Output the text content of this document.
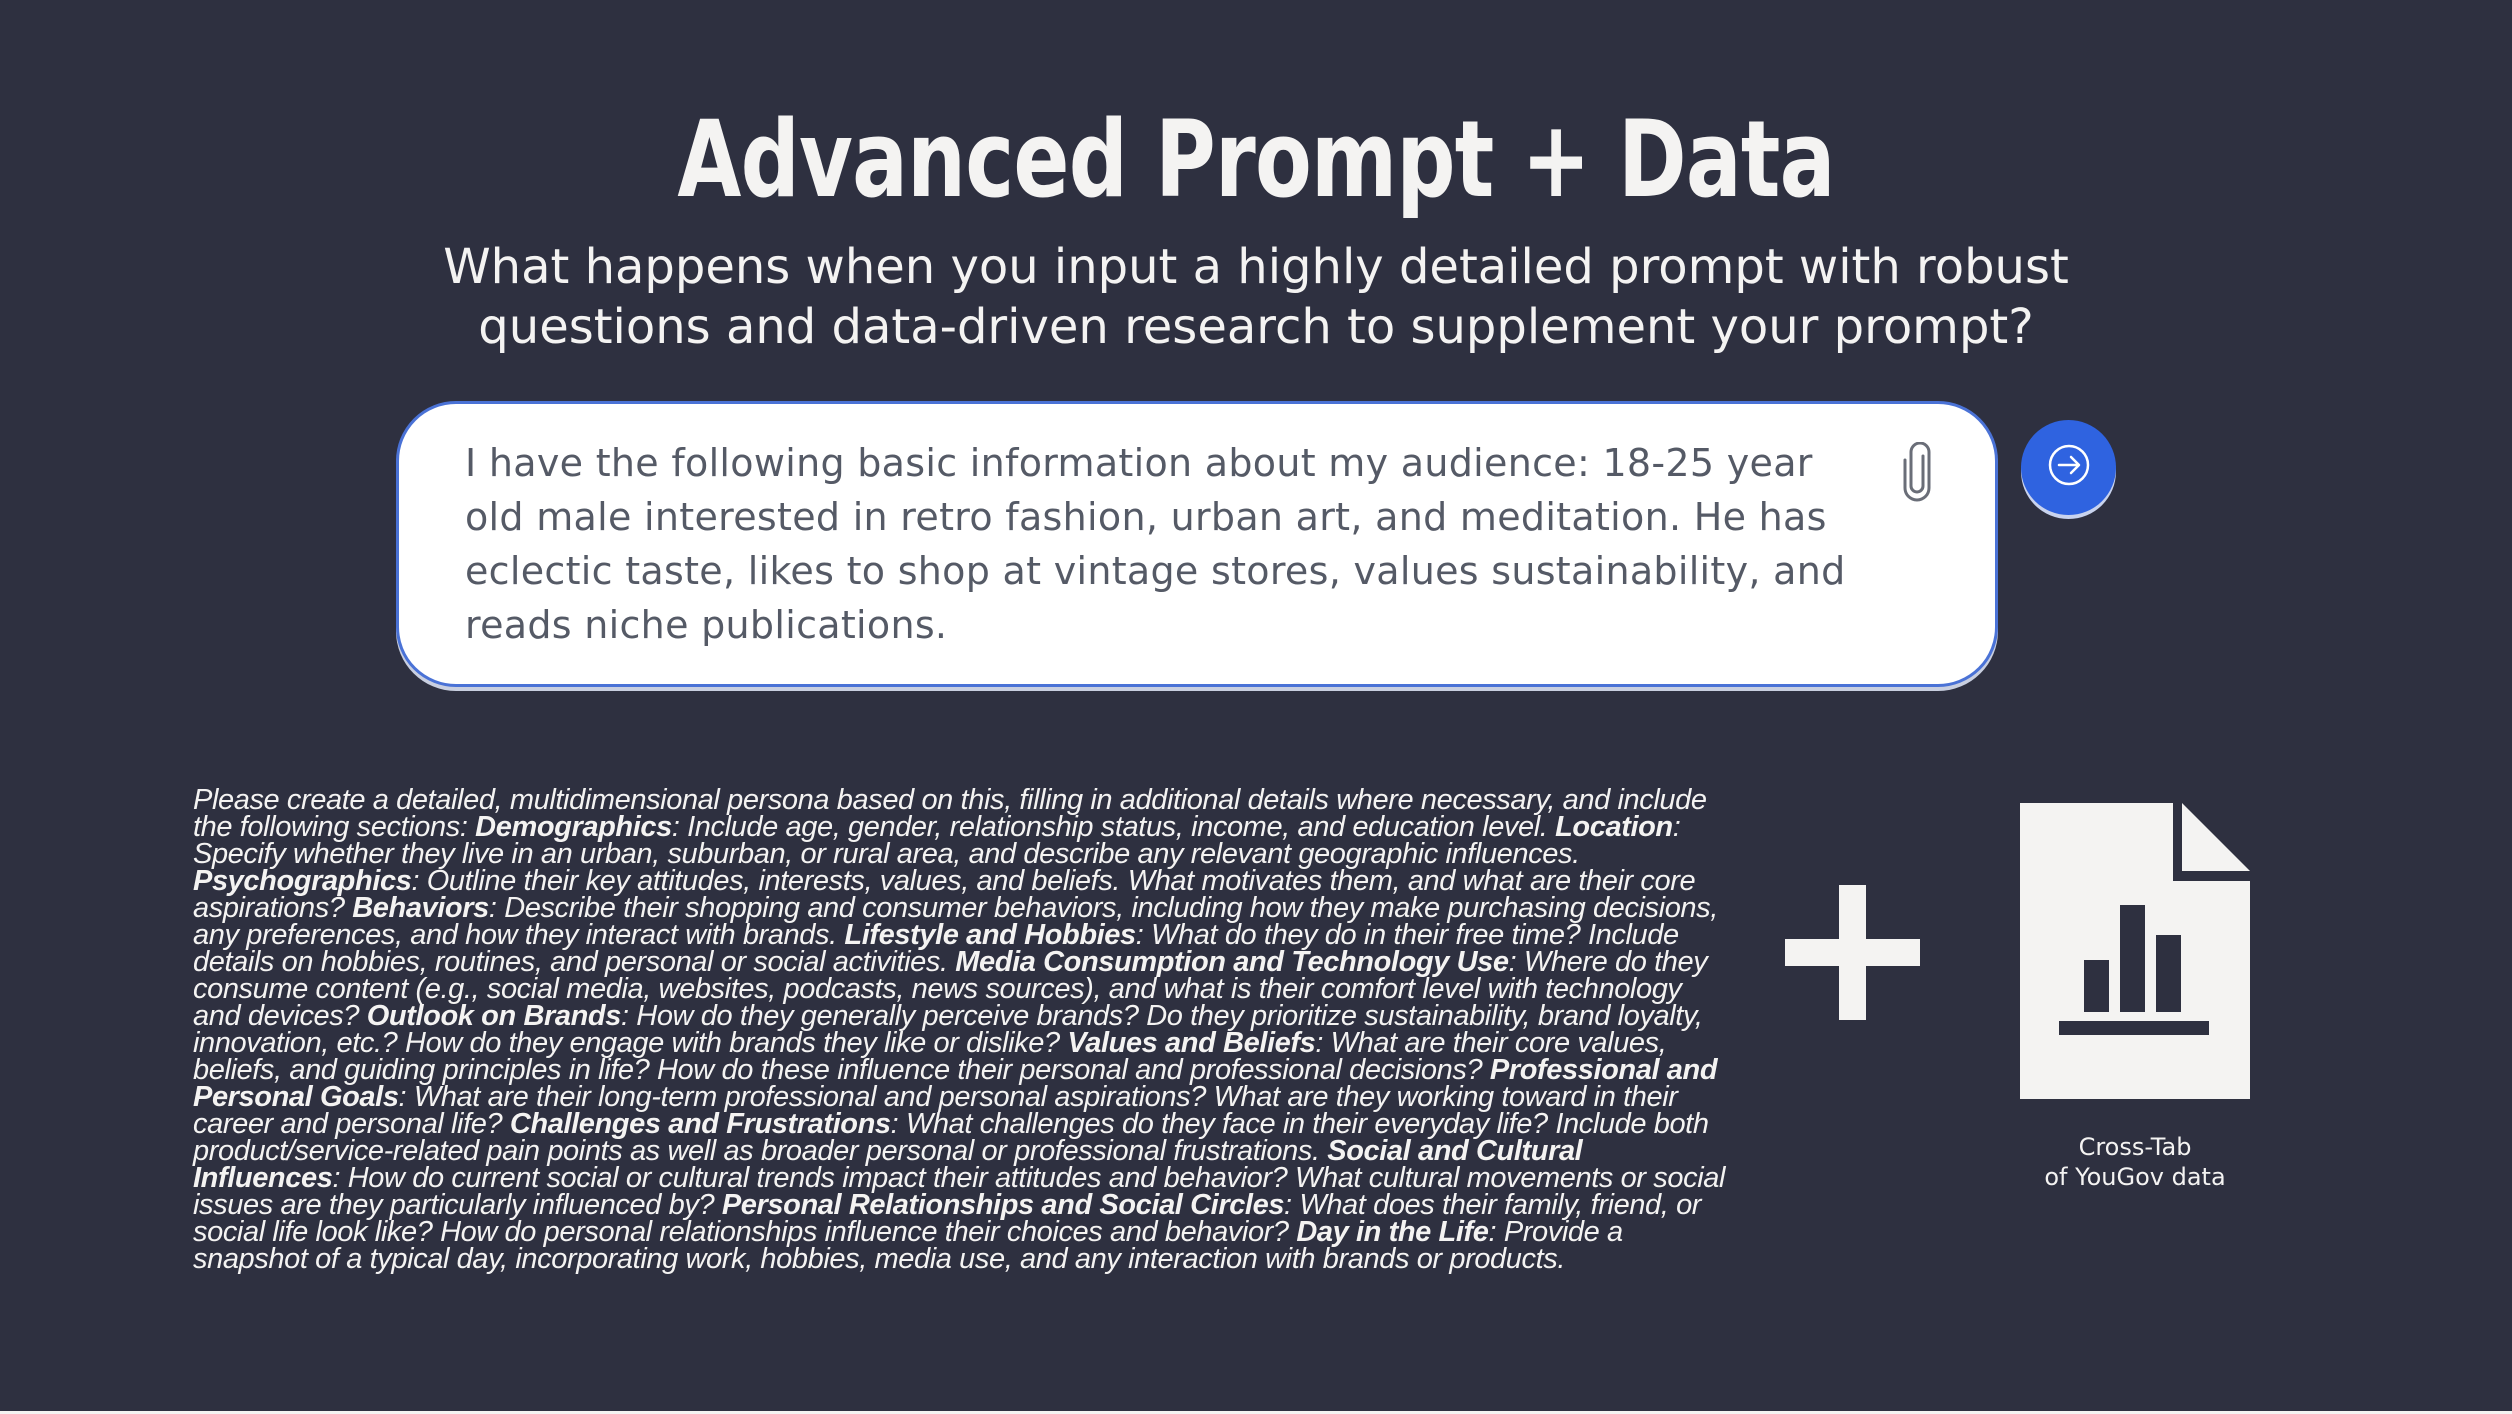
Advanced Prompt + Data
What happens when you input a highly detailed prompt with robust questions and data-driven research to supplement your prompt?
I have the following basic information about my audience: 18-25 year old male interested in retro fashion, urban art, and meditation. He has eclectic taste, likes to shop at vintage stores, values sustainability, and reads niche publications.
Please create a detailed, multidimensional persona based on this, filling in additional details where necessary, and include the following sections: Demographics: Include age, gender, relationship status, income, and education level. Location: Specify whether they live in an urban, suburban, or rural area, and describe any relevant geographic influences. Psychographics: Outline their key attitudes, interests, values, and beliefs. What motivates them, and what are their core aspirations? Behaviors: Describe their shopping and consumer behaviors, including how they make purchasing decisions, any preferences, and how they interact with brands. Lifestyle and Hobbies: What do they do in their free time? Include details on hobbies, routines, and personal or social activities. Media Consumption and Technology Use: Where do they consume content (e.g., social media, websites, podcasts, news sources), and what is their comfort level with technology and devices? Outlook on Brands: How do they generally perceive brands? Do they prioritize sustainability, brand loyalty, innovation, etc.? How do they engage with brands they like or dislike? Values and Beliefs: What are their core values, beliefs, and guiding principles in life? How do these influence their personal and professional decisions? Professional and Personal Goals: What are their long-term professional and personal aspirations? What are they working toward in their career and personal life? Challenges and Frustrations: What challenges do they face in their everyday life? Include both product/service-related pain points as well as broader personal or professional frustrations. Social and Cultural Influences: How do current social or cultural trends impact their attitudes and behavior? What cultural movements or social issues are they particularly influenced by? Personal Relationships and Social Circles: What does their family, friend, or social life look like? How do personal relationships influence their choices and behavior? Day in the Life: Provide a snapshot of a typical day, incorporating work, hobbies, media use, and any interaction with brands or products.
Cross-Tab
of YouGov data
